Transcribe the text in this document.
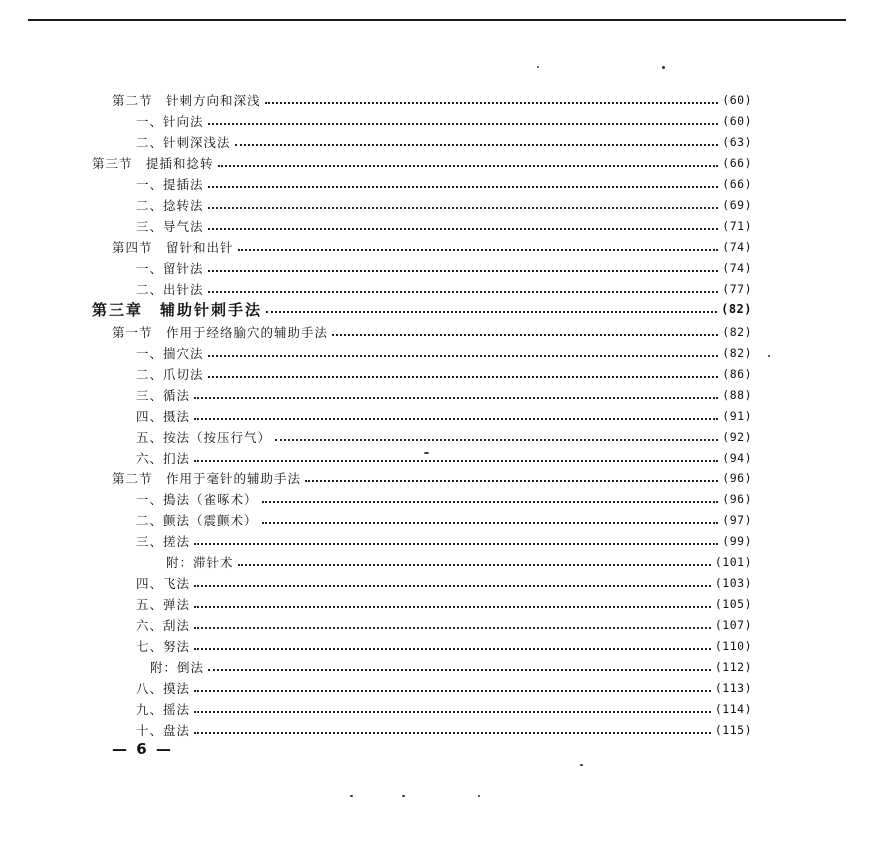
第二节　针刺方向和深浅	(60)
一、针向法	(60)
二、针刺深浅法	(63)
第三节　提插和捻转	(66)
一、提插法	(66)
二、捻转法	(69)
三、导气法	(71)
第四节　留针和出针	(74)
一、留针法	(74)
二、出针法	(77)
第三章　辅助针刺手法	(82)
第一节　作用于经络腧穴的辅助手法	(82)
一、揣穴法	(82)
二、爪切法	(86)
三、循法	(88)
四、摄法	(91)
五、按法（按压行气）	(92)
六、扪法	(94)
第二节　作用于毫针的辅助手法	(96)
一、搗法（雀啄术）	(96)
二、颤法（震颤术）	(97)
三、搓法	(99)
附：滞针术	(101)
四、飞法	(103)
五、弹法	(105)
六、刮法	(107)
七、努法	(110)
附：倒法	(112)
八、摸法	(113)
九、摇法	(114)
十、盘法	(115)
— 6 —
